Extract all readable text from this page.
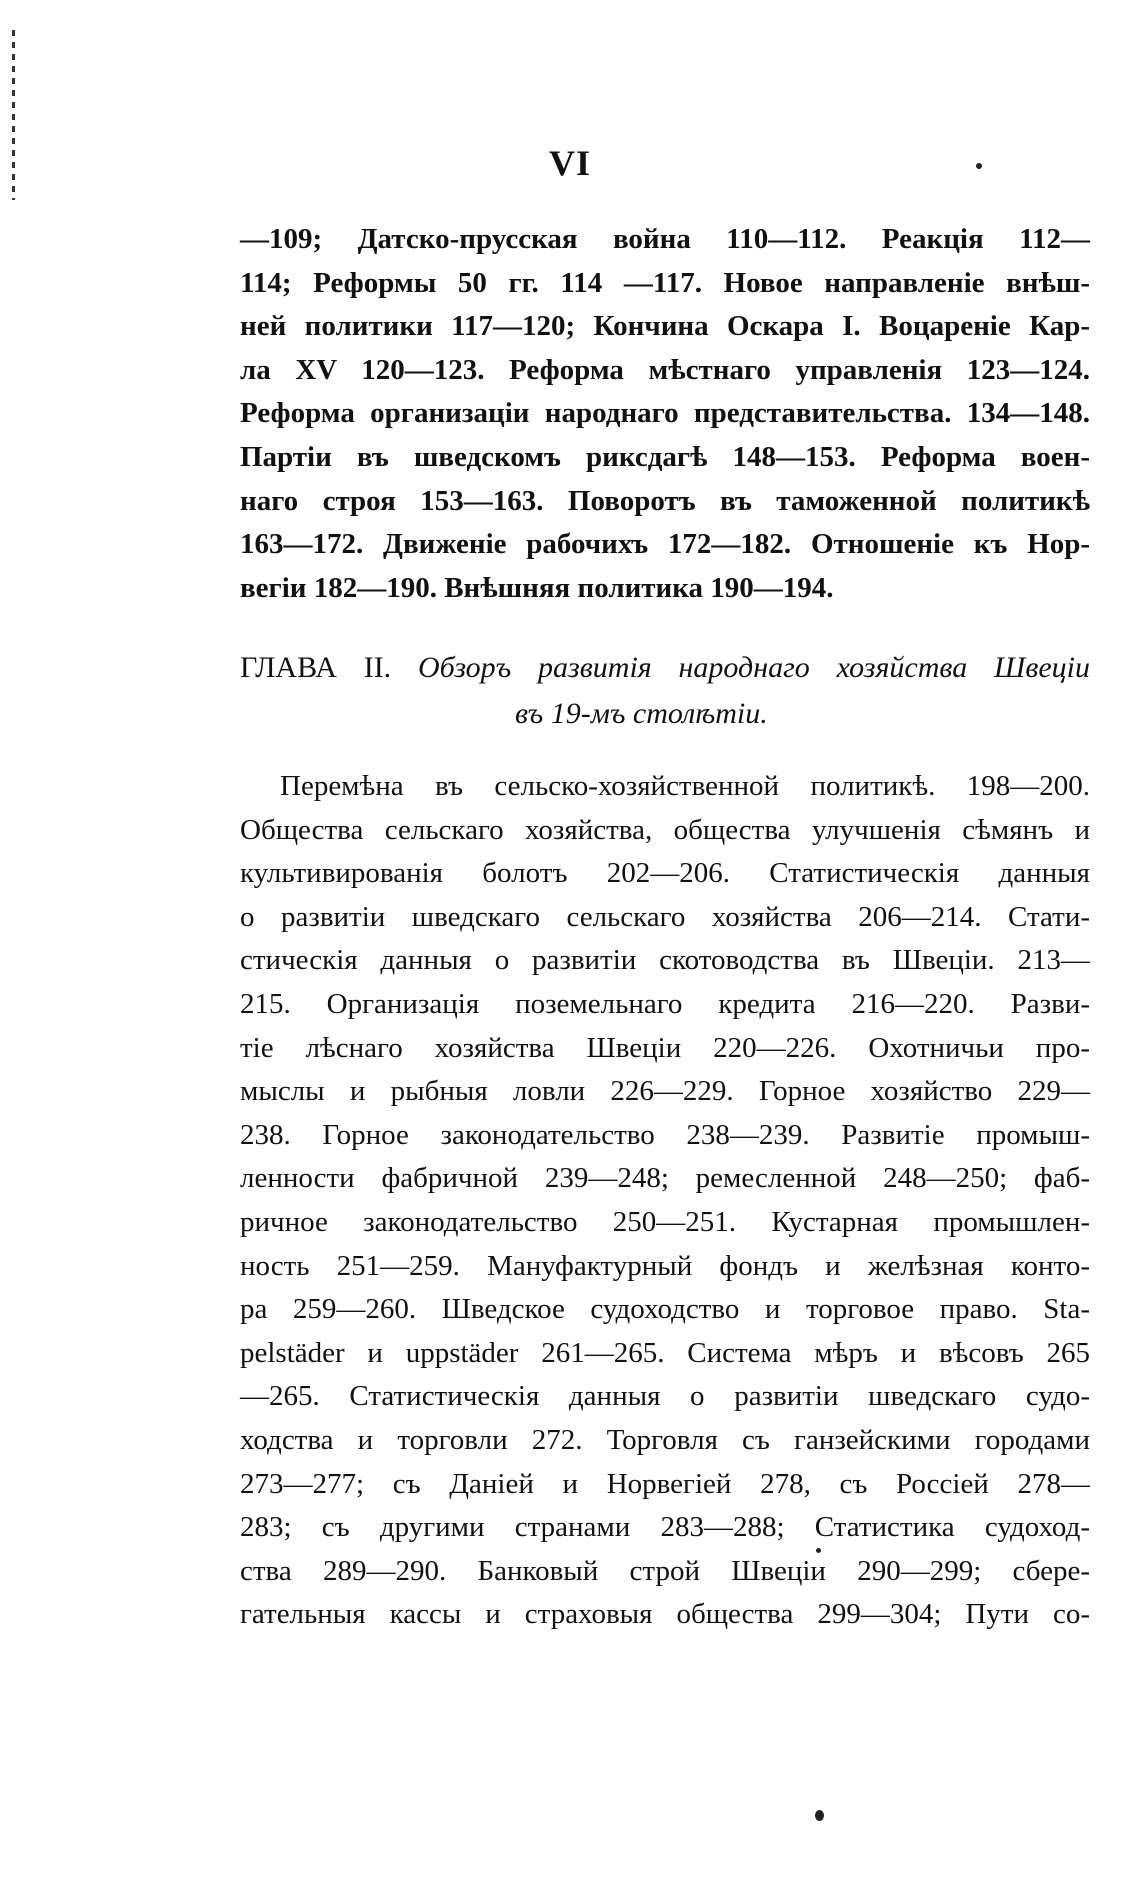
VI
—109; Датско-прусская война 110—112. Реакція 112—
114; Реформы 50 гг. 114 —117. Новое направленіе внѣш-
ней политики 117—120; Кончина Оскара I. Воцареніе Кар-
ла XV 120—123. Реформа мѣстнаго управленія 123—124.
Реформа организаціи народнаго представительства. 134—148.
Партіи въ шведскомъ риксдагѣ 148—153. Реформа воен-
наго строя 153—163. Поворотъ въ таможенной политикѣ
163—172. Движеніе рабочихъ 172—182. Отношеніе къ Нор-
вегіи 182—190. Внѣшняя политика 190—194.
ГЛАВА II. Обзоръ развитія народнаго хозяйства Швеціи
въ 19-мъ столѣтіи.
Перемѣна въ сельско-хозяйственной политикѣ. 198—200.
Общества сельскаго хозяйства, общества улучшенія сѣмянъ и
культивированія болотъ 202—206. Статистическія данныя
о развитіи шведскаго сельскаго хозяйства 206—214. Стати-
стическія данныя о развитіи скотоводства въ Швеціи. 213—
215. Организація поземельнаго кредита 216—220. Разви-
тіе лѣснаго хозяйства Швеціи 220—226. Охотничьи про-
мыслы и рыбныя ловли 226—229. Горное хозяйство 229—
238. Горное законодательство 238—239. Развитіе промыш-
ленности фабричной 239—248; ремесленной 248—250; фаб-
ричное законодательство 250—251. Кустарная промышлен-
ность 251—259. Мануфактурный фондъ и желѣзная конто-
ра 259—260. Шведское судоходство и торговое право. Sta-
pelstäder и uppstäder 261—265. Система мѣръ и вѣсовъ 265
—265. Статистическія данныя о развитіи шведскаго судо-
ходства и торговли 272. Торговля съ ганзейскими городами
273—277; съ Даніей и Норвегіей 278, съ Россіей 278—
283; съ другими странами 283—288; Статистика судоход-
ства 289—290. Банковый строй Швеціи 290—299; сбере-
гательныя кассы и страховыя общества 299—304; Пути со-
